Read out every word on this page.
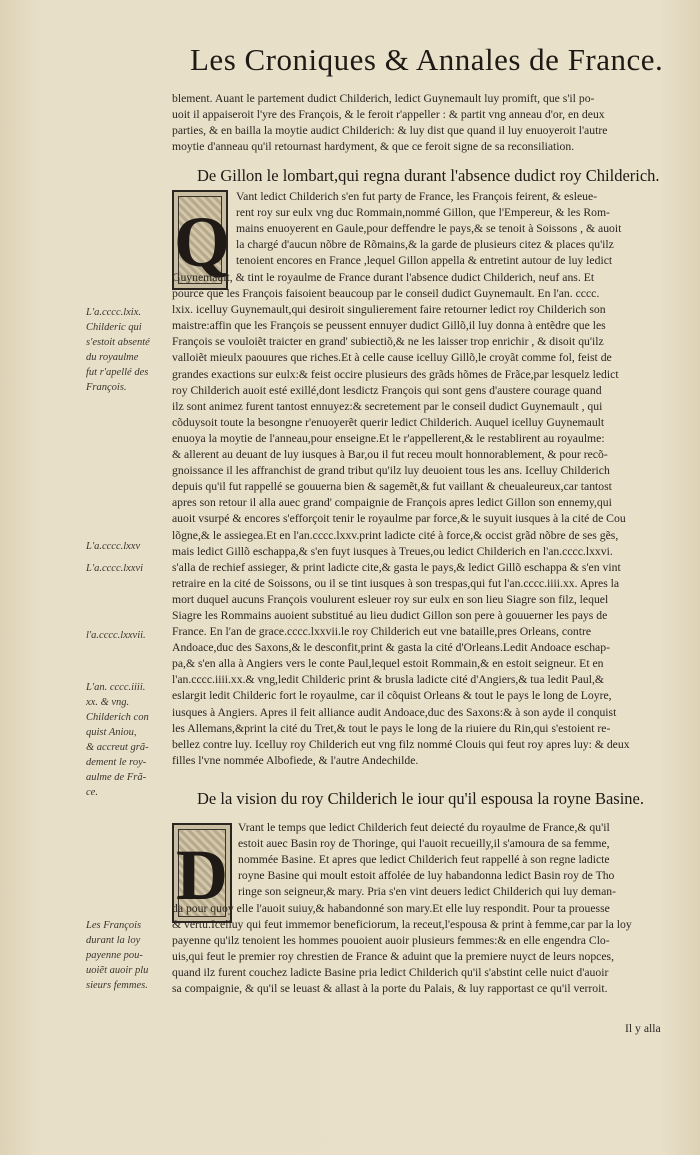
Les Croniques & Annales de France.
blement. Auant le partement dudict Childerich, ledict Guynemault luy promift, que s'il po-
uoit il appaiseroit l'yre des François, & le feroit r'appeller : & partit vng anneau d'or, en deux
parties, & en bailla la moytie audict Childerich: & luy dist que quand il luy enuoyeroit l'autre
moytie d'anneau qu'il retournast hardyment, & que ce feroit signe de sa reconsiliation.
De Gillon le lombart,qui regna durant l'absence dudict roy Childerich.
Q
Vant ledict Childerich s'en fut party de France, les François feirent, & esleue-
rent roy sur eulx vng duc Rommain,nommé Gillon, que l'Empereur, & les Rom-
mains enuoyerent en Gaule,pour deffendre le pays,& se tenoit à Soissons , & auoit
la chargé d'aucun nõbre de Rõmains,& la garde de plusieurs citez & places qu'ilz
tenoient encores en France ,lequel Gillon appella & entretint autour de luy ledict
Guynemault, & tint le royaulme de France durant l'absence dudict Childerich, neuf ans. Et
pource que les François faisoient beaucoup par le conseil dudict Guynemault. En l'an. cccc.
lxix. icelluy Guynemault,qui desiroit singulierement faire retourner ledict roy Childerich son
maistre:affin que les François se peussent ennuyer dudict Gillõ,il luy donna à entẽdre que les
François se vouloiẽt traicter en grand' subiectiõ,& ne les laisser trop enrichir , & disoit qu'ilz
valloiẽt mieulx paouures que riches.Et à celle cause icelluy Gillõ,le croyãt comme fol, feist de
grandes exactions sur eulx:& feist occire plusieurs des grãds hõmes de Frãce,par lesquelz ledict
roy Childerich auoit esté exillé,dont lesdictz François qui sont gens d'austere courage quand
ilz sont animez furent tantost ennuyez:& secretement par le conseil dudict Guynemault , qui
cõduysoit toute la besongne r'enuoyerẽt querir ledict Childerich. Auquel icelluy Guynemault
enuoya la moytie de l'anneau,pour enseigne.Et le r'appellerent,& le restablirent au royaulme:
& allerent au deuant de luy iusques à Bar,ou il fut receu moult honnorablement, & pour recõ-
gnoissance il les affranchist de grand tribut qu'ilz luy deuoient tous les ans. Icelluy Childerich
depuis qu'il fut rappellé se gouuerna bien & sagemẽt,& fut vaillant & cheualeureux,car tantost
apres son retour il alla auec grand' compaignie de François apres ledict Gillon son ennemy,qui
auoit vsurpé & encores s'efforçoit tenir le royaulme par force,& le suyuit iusques à la cité de Cou
lõgne,& le assiegea.Et en l'an.cccc.lxxv.print ladicte cité à force,& occist grãd nõbre de ses gẽs,
mais ledict Gillõ eschappa,& s'en fuyt iusques à Treues,ou ledict Childerich en l'an.cccc.lxxvi.
s'alla de rechief assieger, & print ladicte cite,& gasta le pays,& ledict Gillõ eschappa & s'en vint
retraire en la cité de Soissons, ou il se tint iusques à son trespas,qui fut l'an.cccc.iiii.xx. Apres la
mort duquel aucuns François voulurent esleuer roy sur eulx en son lieu Siagre son filz, lequel
Siagre les Rommains auoient substitué au lieu dudict Gillon son pere à gouuerner les pays de
France. En l'an de grace.cccc.lxxvii.le roy Childerich eut vne bataille,pres Orleans, contre
Andoace,duc des Saxons,& le desconfit,print & gasta la cité d'Orleans.Ledit Andoace eschap-
pa,& s'en alla à Angiers vers le conte Paul,lequel estoit Rommain,& en estoit seigneur. Et en
l'an.cccc.iiii.xx.& vng,ledit Childeric print & brusla ladicte cité d'Angiers,& tua ledit Paul,&
eslargit ledit Childeric fort le royaulme, car il cõquist Orleans & tout le pays le long de Loyre,
iusques à Angiers. Apres il feit alliance audit Andoace,duc des Saxons:& à son ayde il conquist
les Allemans,&print la cité du Tret,& tout le pays le long de la riuiere du Rin,qui s'estoient re-
bellez contre luy. Icelluy roy Childerich eut vng filz nommé Clouis qui feut roy apres luy: & deux
filles l'vne nommée Albofiede, & l'autre Andechilde.
De la vision du roy Childerich le iour qu'il espousa la royne Basine.
D
Vrant le temps que ledict Childerich feut deiecté du royaulme de France,& qu'il
estoit auec Basin roy de Thoringe, qui l'auoit recueilly,il s'amoura de sa femme,
nommée Basine. Et apres que ledict Childerich feut rappellé à son regne ladicte
royne Basine qui moult estoit affolée de luy habandonna ledict Basin roy de Tho
ringe son seigneur,& mary. Pria s'en vint deuers ledict Childerich qui luy deman-
da pour quoy elle l'auoit suiuy,& habandonné son mary.Et elle luy respondit. Pour ta prouesse
& vertu.Icelluy qui feut immemor beneficiorum, la receut,l'espousa & print à femme,car par la loy
payenne qu'ilz tenoient les hommes pouoient auoir plusieurs femmes:& en elle engendra Clo-
uis,qui feut le premier roy chrestien de France & aduint que la premiere nuyct de leurs nopces,
quand ilz furent couchez ladicte Basine pria ledict Childerich qu'il s'abstint celle nuict d'auoir
sa compaignie, & qu'il se leuast & allast à la porte du Palais, & luy rapportast ce qu'il verroit.
Il y alla
L'a.cccc.lxix.
Childeric qui
s'estoit absenté
du royaulme
fut r'apellé des
François.
L'a.cccc.lxxv
L'a.cccc.lxxvi
l'a.cccc.lxxvii.
L'an. cccc.iiii.
xx. & vng.
Childerich con
quist Aniou,
& accreut grã-
dement le roy-
aulme de Frã-
ce.
Les François
durant la loy
payenne pou-
uoiẽt auoir plu
sieurs femmes.
